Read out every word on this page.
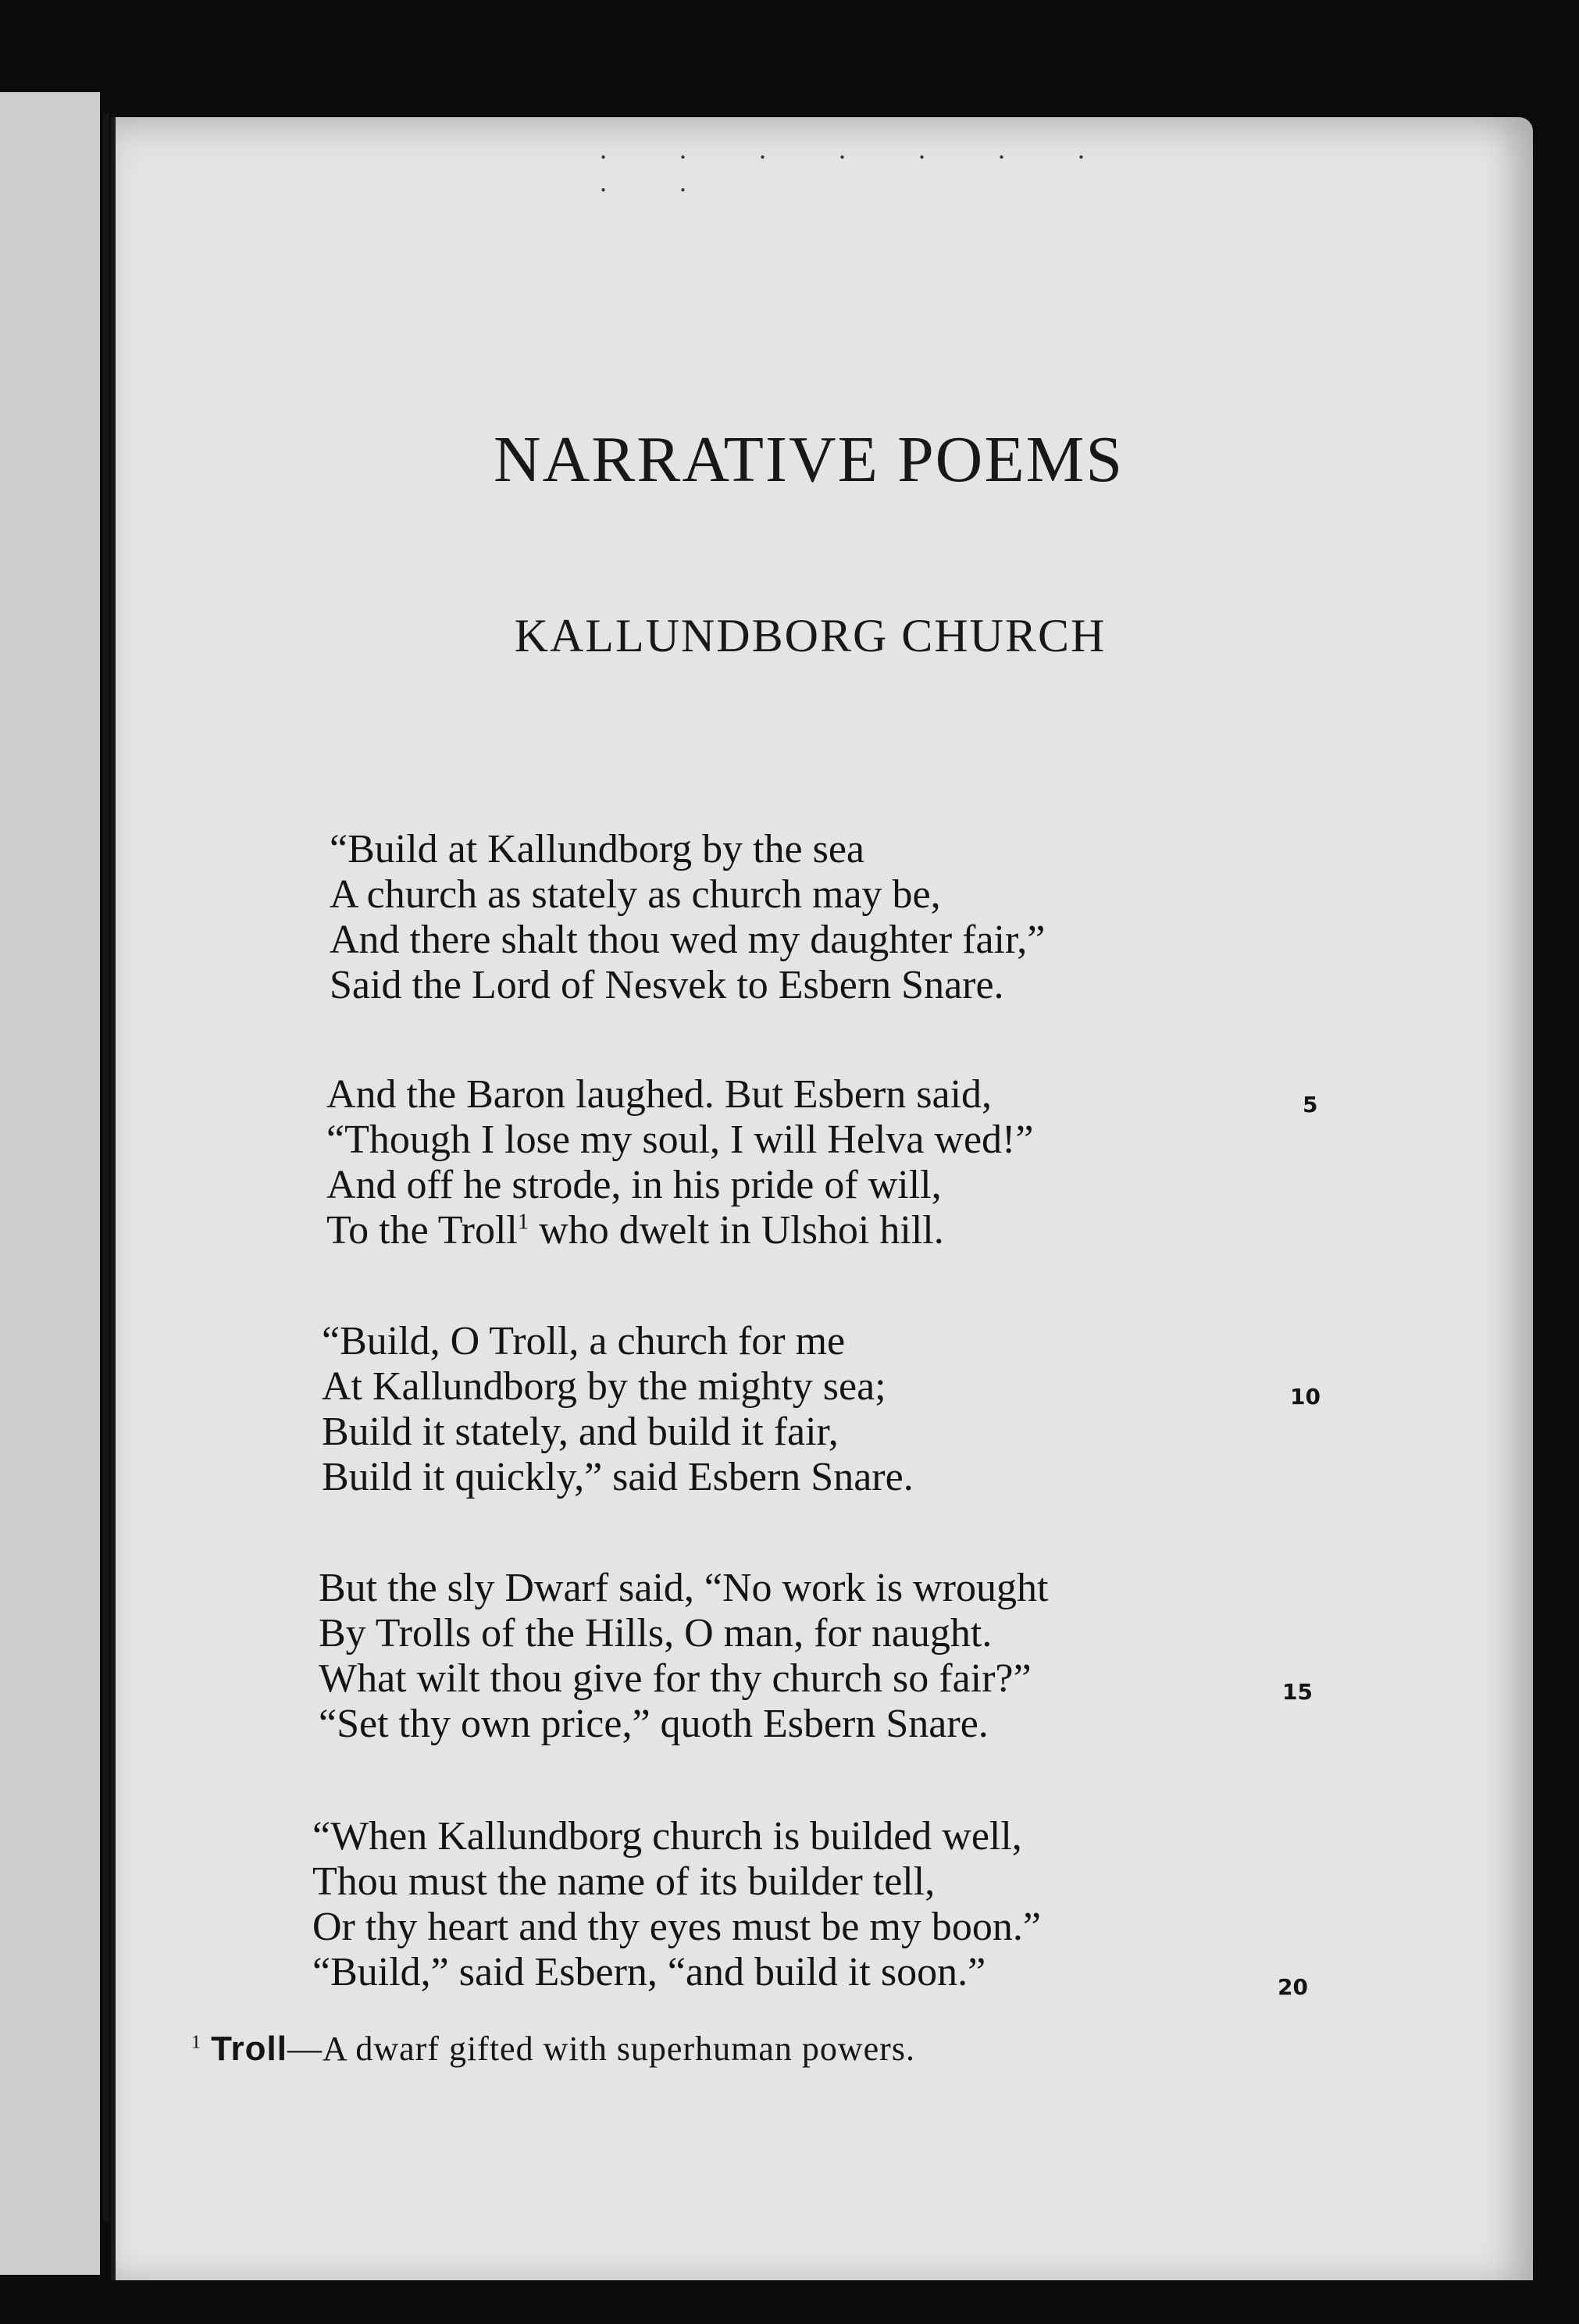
. . . . . . . . .
NARRATIVE POEMS
KALLUNDBORG CHURCH
“Build at Kallundborg by the sea
A church as stately as church may be,
And there shalt thou wed my daughter fair,”
Said the Lord of Nesvek to Esbern Snare.
And the Baron laughed. But Esbern said,
“Though I lose my soul, I will Helva wed!”
And off he strode, in his pride of will,
To the Troll$^1$ who dwelt in Ulshoi hill.
5
“Build, O Troll, a church for me
At Kallundborg by the mighty sea;
Build it stately, and build it fair,
Build it quickly,” said Esbern Snare.
10
But the sly Dwarf said, “No work is wrought
By Trolls of the Hills, O man, for naught.
What wilt thou give for thy church so fair?”
“Set thy own price,” quoth Esbern Snare.
15
“When Kallundborg church is builded well,
Thou must the name of its builder tell,
Or thy heart and thy eyes must be my boon.”
“Build,” said Esbern, “and build it soon.”	20
$^1$ Troll—A dwarf gifted with superhuman powers.
